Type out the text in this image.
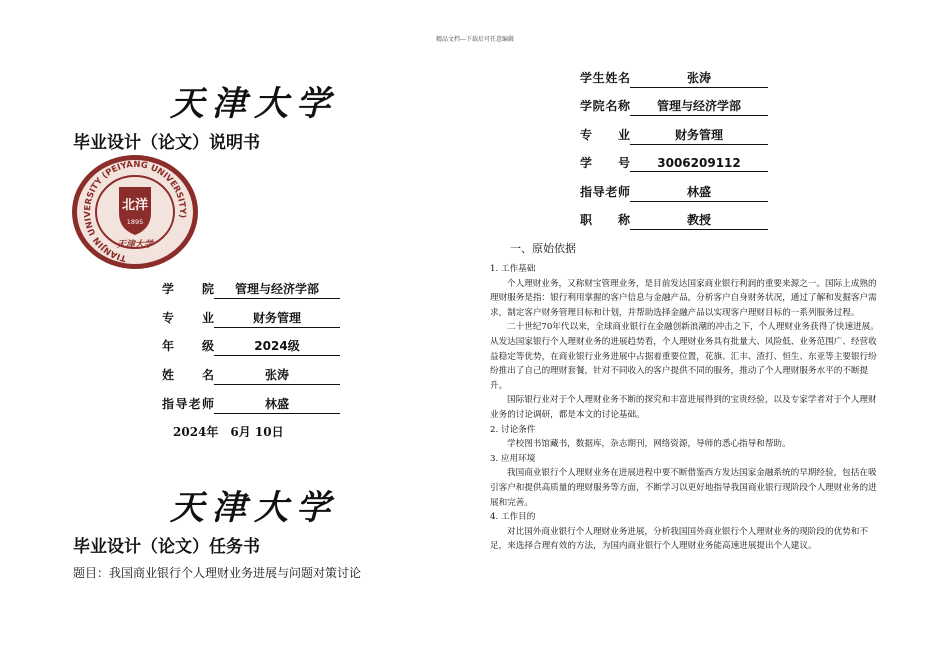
精品文档---下载后可任意编辑
天津大学
毕业设计（论文）说明书
TIANJIN UNIVERSITY (PEIYANG UNIVERSITY)
北洋
1895
天津大学
学　院 管理与经济学部
专　业	财务管理
年　级	2024级
姓　名	张涛
指导老师	林盛
2024年　6月 10日
天津大学
毕业设计（论文）任务书
题目：我国商业银行个人理财业务进展与问题对策讨论
学生姓名	张涛
学院名称 管理与经济学部
专　业	财务管理
学　号 3006209112
指导老师	林盛
职　称	教授
一、原始依据

1. 工作基础

个人理财业务，又称财宝管理业务，是目前发达国家商业银行利润的重要来源之一。国际上成熟的理财服务是指：银行利用掌握的客户信息与金融产品，分析客户自身财务状况，通过了解和发掘客户需求，制定客户财务管理目标和计划，并帮助选择金融产品以实现客户理财目标的一系列服务过程。

二十世纪70年代以来，全球商业银行在金融创新浪潮的冲击之下，个人理财业务获得了快速进展。从发达国家银行个人理财业务的进展趋势看，个人理财业务具有批量大、风险低、业务范围广、经营收益稳定等优势，在商业银行业务进展中占据着重要位置，花旗、汇丰、渣打、恒生、东亚等主要银行纷纷推出了自己的理财套餐，针对不同收入的客户提供不同的服务，推动了个人理财服务水平的不断提升。

国际银行业对于个人理财业务不断的探究和丰富进展得到的宝贵经验，以及专家学者对于个人理财业务的讨论调研，都是本文的讨论基础。

2. 讨论条件

学校图书馆藏书，数据库，杂志期刊，网络资源，导师的悉心指导和帮助。

3. 应用环境

我国商业银行个人理财业务在进展进程中要不断借鉴西方发达国家金融系统的早期经验，包括在吸引客户和提供高质量的理财服务等方面，不断学习以更好地指导我国商业银行现阶段个人理财业务的进展和完善。

4. 工作目的

对比国外商业银行个人理财业务进展，分析我国国外商业银行个人理财业务的现阶段的优势和不足，来选择合理有效的方法，为国内商业银行个人理财业务能高速进展提出个人建议。
